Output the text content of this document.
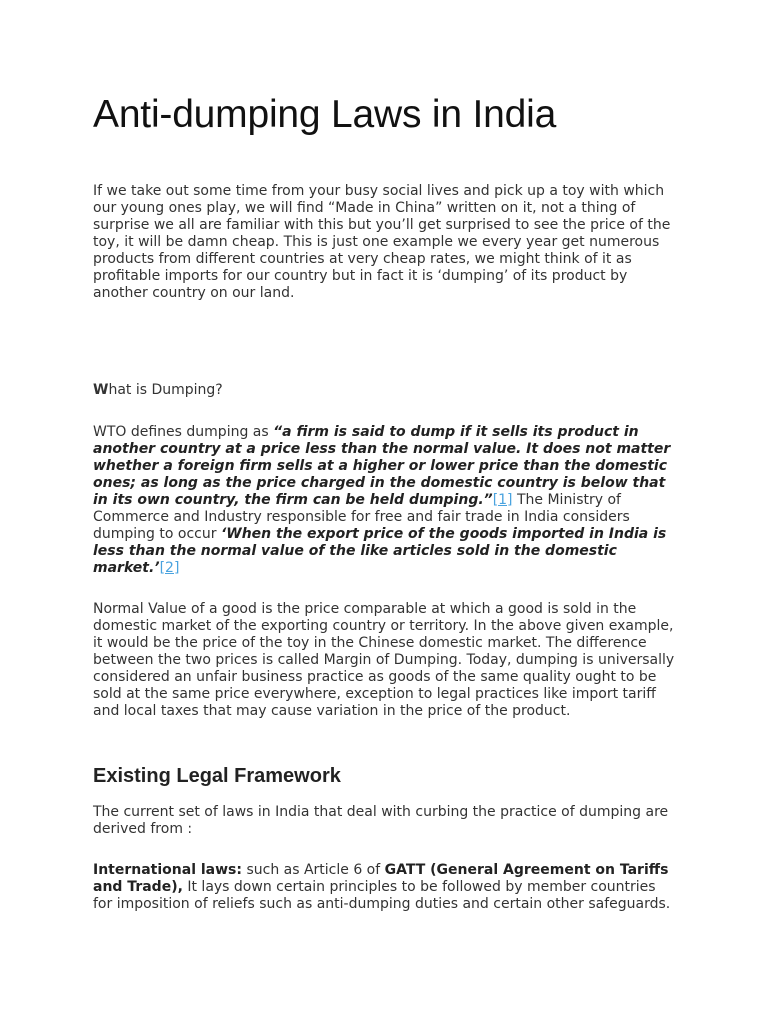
Anti-dumping Laws in India

If we take out some time from your busy social lives and pick up a toy with which our young ones play, we will find “Made in China” written on it, not a thing of surprise we all are familiar with this but you’ll get surprised to see the price of the toy, it will be damn cheap. This is just one example we every year get numerous products from different countries at very cheap rates, we might think of it as profitable imports for our country but in fact it is ‘dumping’ of its product by another country on our land.

What is Dumping?

WTO defines dumping as “a firm is said to dump if it sells its product in another country at a price less than the normal value. It does not matter whether a foreign firm sells at a higher or lower price than the domestic ones; as long as the price charged in the domestic country is below that in its own country, the firm can be held dumping.”[1] The Ministry of Commerce and Industry responsible for free and fair trade in India considers dumping to occur ‘When the export price of the goods imported in India is less than the normal value of the like articles sold in the domestic market.’[2]

Normal Value of a good is the price comparable at which a good is sold in the domestic market of the exporting country or territory. In the above given example, it would be the price of the toy in the Chinese domestic market. The difference between the two prices is called Margin of Dumping. Today, dumping is universally considered an unfair business practice as goods of the same quality ought to be sold at the same price everywhere, exception to legal practices like import tariff and local taxes that may cause variation in the price of the product.

Existing Legal Framework

The current set of laws in India that deal with curbing the practice of dumping are derived from :

International laws: such as Article 6 of GATT (General Agreement on Tariffs and Trade), It lays down certain principles to be followed by member countries for imposition of reliefs such as anti-dumping duties and certain other safeguards.
